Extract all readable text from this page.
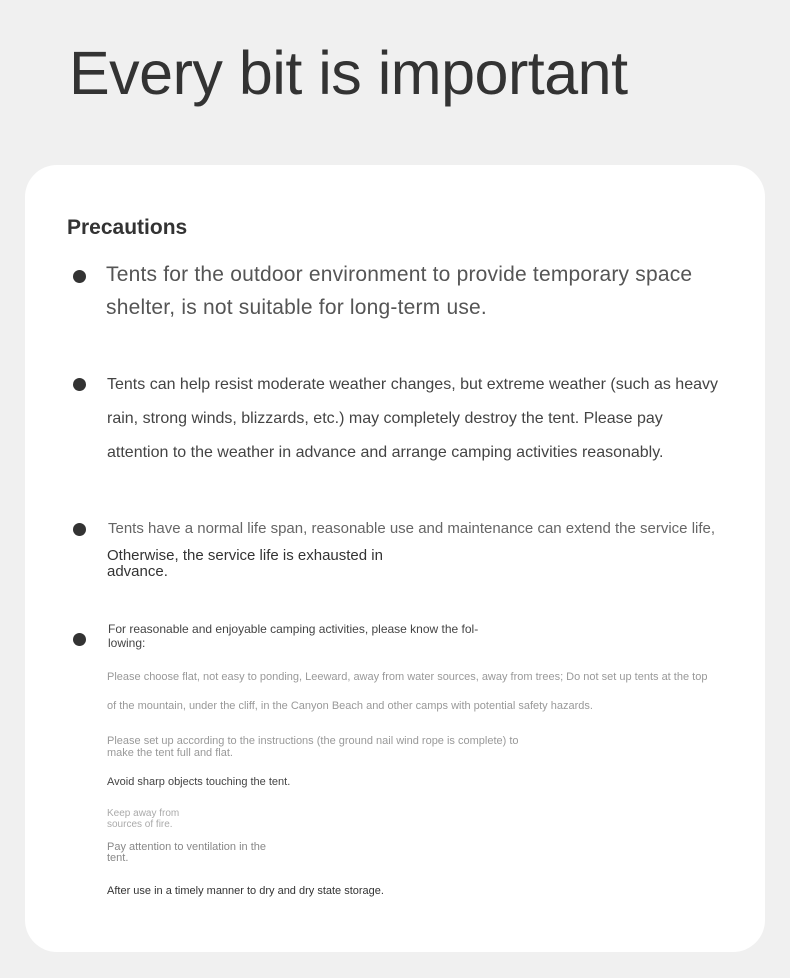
Every bit is important
Precautions

Tents for the outdoor environment to provide temporary space shelter, is not suitable for long-term use.

Tents can help resist moderate weather changes, but extreme weather (such as heavy rain, strong winds, blizzards, etc.) may completely destroy the tent. Please pay attention to the weather in advance and arrange camping activities reasonably.

Tents have a normal life span, reasonable use and maintenance can extend the service life,

Otherwise, the service life is exhausted in advance.

For reasonable and enjoyable camping activities, please know the fol-lowing:

Please choose flat, not easy to ponding, Leeward, away from water sources, away from trees; Do not set up tents at the top of the mountain, under the cliff, in the Canyon Beach and other camps with potential safety hazards.

Please set up according to the instructions (the ground nail wind rope is complete) to make the tent full and flat.

Avoid sharp objects touching the tent.

Keep away from sources of fire.

Pay attention to ventilation in the tent.

After use in a timely manner to dry and dry state storage.
